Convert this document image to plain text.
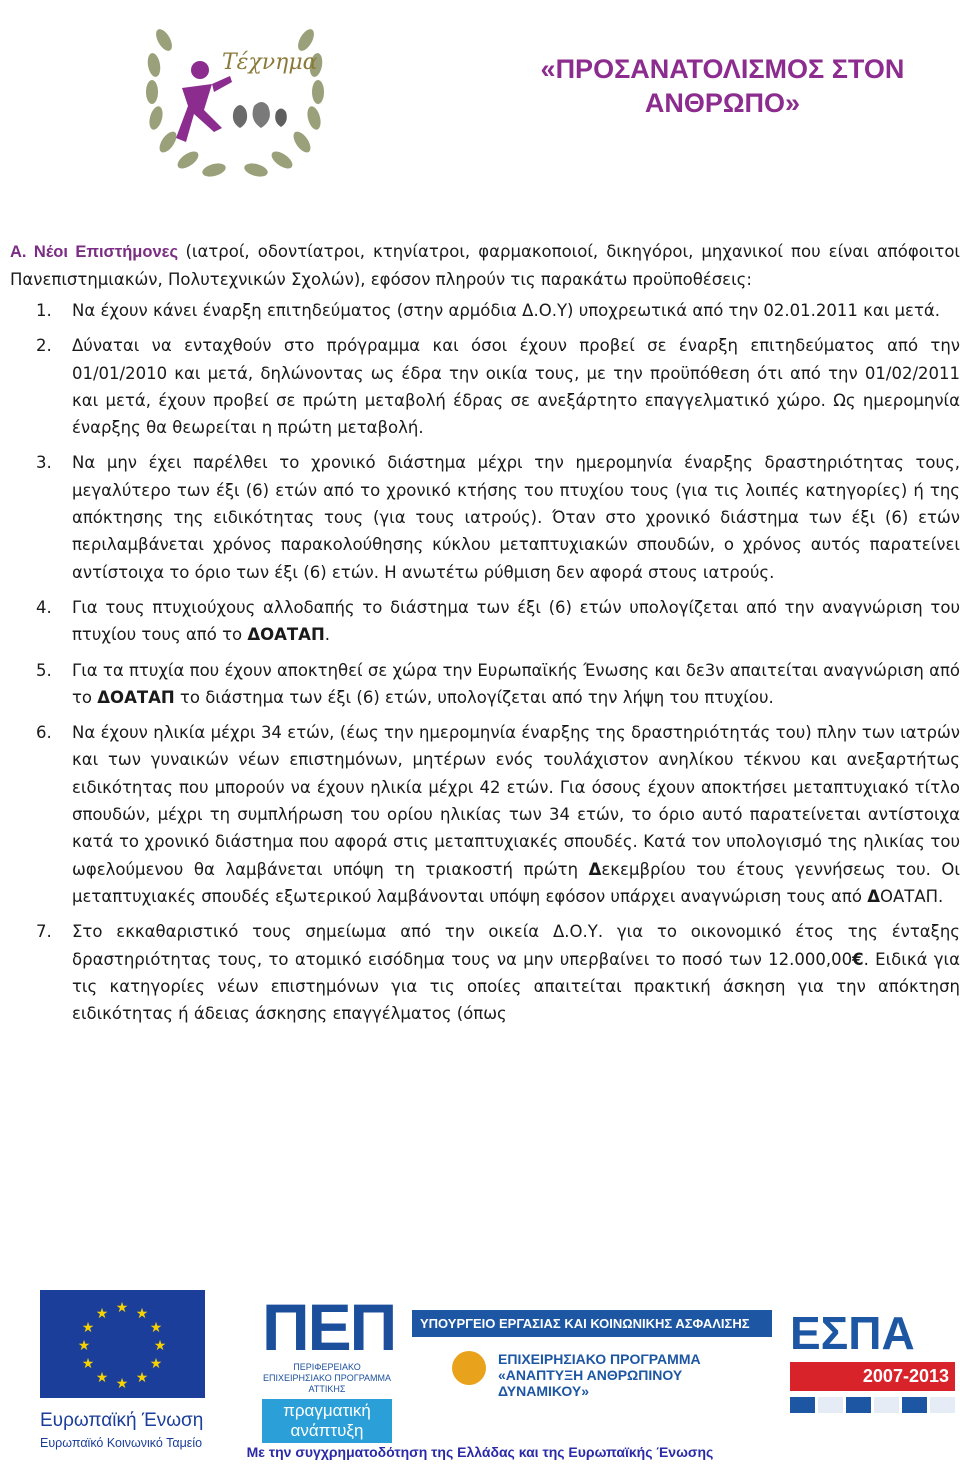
Τέχνημα	«ΠΡΟΣΑΝΑΤΟΛΙΣΜΟΣ ΣΤΟΝ ΑΝΘΡΩΠΟ»

Α. Νέοι Επιστήμονες (ιατροί, οδοντίατροι, κτηνίατροι, φαρμακοποιοί, δικηγόροι, μηχανικοί που είναι απόφοιτοι Πανεπιστημιακών, Πολυτεχνικών Σχολών), εφόσον πληρούν τις παρακάτω προϋποθέσεις:

1. Να έχουν κάνει έναρξη επιτηδεύματος (στην αρμόδια Δ.Ο.Υ) υποχρεωτικά από την 02.01.2011 και μετά.
2. Δύναται να ενταχθούν στο πρόγραμμα και όσοι έχουν προβεί σε έναρξη επιτηδεύματος από την 01/01/2010 και μετά, δηλώνοντας ως έδρα την οικία τους, με την προϋπόθεση ότι από την 01/02/2011 και μετά, έχουν προβεί σε πρώτη μεταβολή έδρας σε ανεξάρτητο επαγγελματικό χώρο. Ως ημερομηνία έναρξης θα θεωρείται η πρώτη μεταβολή.
3. Να μην έχει παρέλθει το χρονικό διάστημα μέχρι την ημερομηνία έναρξης δραστηριότητας τους, μεγαλύτερο των έξι (6) ετών από το χρονικό κτήσης του πτυχίου τους (για τις λοιπές κατηγορίες) ή της απόκτησης της ειδικότητας τους (για τους ιατρούς). Όταν στο χρονικό διάστημα των έξι (6) ετών περιλαμβάνεται χρόνος παρακολούθησης κύκλου μεταπτυχιακών σπουδών, ο χρόνος αυτός παρατείνει αντίστοιχα το όριο των έξι (6) ετών. Η ανωτέτω ρύθμιση δεν αφορά στους ιατρούς.
4. Για τους πτυχιούχους αλλοδαπής το διάστημα των έξι (6) ετών υπολογίζεται από την αναγνώριση του πτυχίου τους από το ΔΟΑΤΑΠ.
5. Για τα πτυχία που έχουν αποκτηθεί σε χώρα την Ευρωπαϊκής Ένωσης και δε3ν απαιτείται αναγνώριση από το ΔΟΑΤΑΠ το διάστημα των έξι (6) ετών, υπολογίζεται από την λήψη του πτυχίου.
6. Να έχουν ηλικία μέχρι 34 ετών, (έως την ημερομηνία έναρξης της δραστηριότητάς του) πλην των ιατρών και των γυναικών νέων επιστημόνων, μητέρων ενός τουλάχιστον ανηλίκου τέκνου και ανεξαρτήτως ειδικότητας που μπορούν να έχουν ηλικία μέχρι 42 ετών. Για όσους έχουν αποκτήσει μεταπτυχιακό τίτλο σπουδών, μέχρι τη συμπλήρωση του ορίου ηλικίας των 34 ετών, το όριο αυτό παρατείνεται αντίστοιχα κατά το χρονικό διάστημα που αφορά στις μεταπτυχιακές σπουδές. Κατά τον υπολογισμό της ηλικίας του ωφελούμενου θα λαμβάνεται υπόψη τη τριακοστή πρώτη Δεκεμβρίου του έτους γεννήσεως του. Οι μεταπτυχιακές σπουδές εξωτερικού λαμβάνονται υπόψη εφόσον υπάρχει αναγνώριση τους από ΔΟΑΤΑΠ.
7. Στο εκκαθαριστικό τους σημείωμα από την οικεία Δ.Ο.Υ. για το οικονομικό έτος της ένταξης δραστηριότητας τους, το ατομικό εισόδημα τους να μην υπερβαίνει το ποσό των 12.000,00€. Ειδικά για τις κατηγορίες νέων επιστημόνων για τις οποίες απαιτείται πρακτική άσκηση για την απόκτηση ειδικότητας ή άδειας άσκησης επαγγέλματος (όπως
★ ★
★
★
★
★
★
★
★
★
★
★
Ευρωπαϊκή Ένωση
Ευρωπαϊκό Κοινωνικό Ταμείο
ΠΕΠ
ΠΕΡΙΦΕΡΕΙΑΚΟ ΕΠΙΧΕΙΡΗΣΙΑΚΟ ΠΡΟΓΡΑΜΜΑ ΑΤΤΙΚΗΣ
πραγματική ανάπτυξη
ΥΠΟΥΡΓΕΙΟ ΕΡΓΑΣΙΑΣ ΚΑΙ ΚΟΙΝΩΝΙΚΗΣ ΑΣΦΑΛΙΣΗΣ
ΕΠΙΧΕΙΡΗΣΙΑΚΟ ΠΡΟΓΡΑΜΜΑ «ΑΝΑΠΤΥΞΗ ΑΝΘΡΩΠΙΝΟΥ ΔΥΝΑΜΙΚΟΥ»
ΕΣΠΑ
2007-2013
Με την συγχρηματοδότηση της Ελλάδας και της Ευρωπαϊκής Ένωσης
